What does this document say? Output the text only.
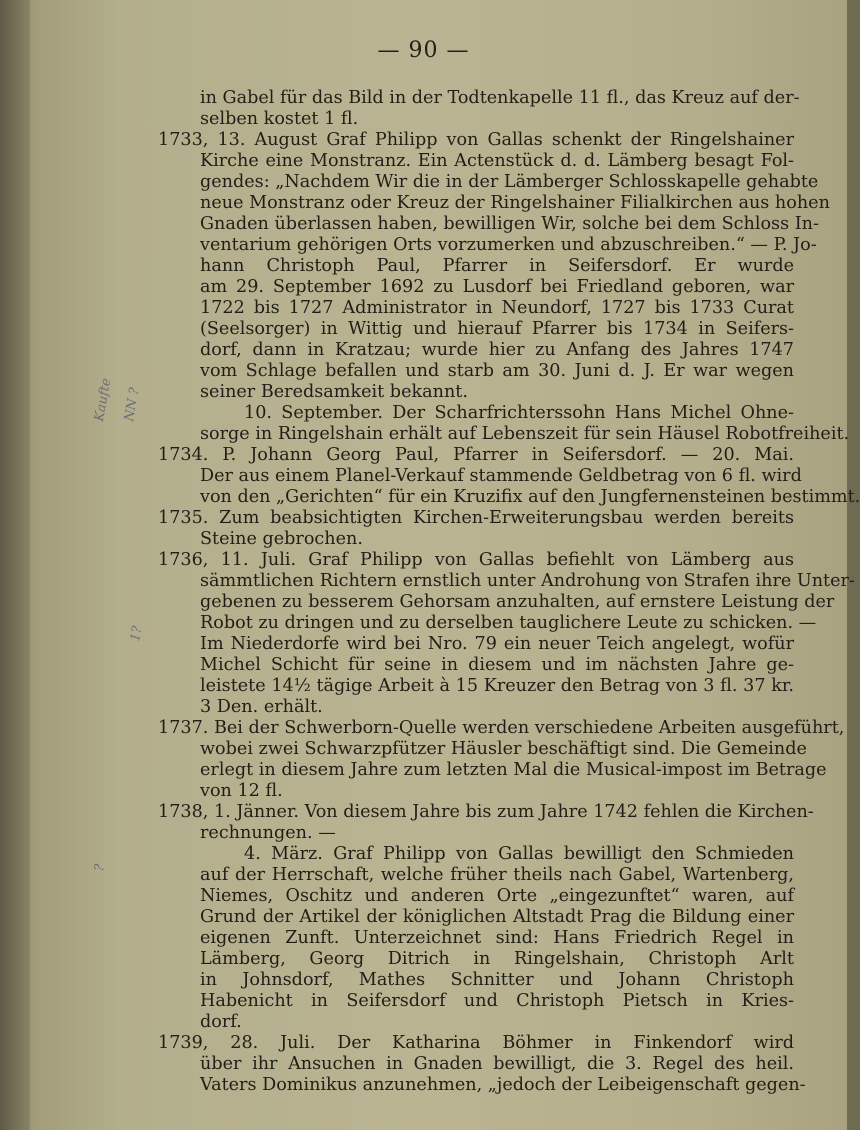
Kaufte NN ?
1?
?
— 90 —
in Gabel für das Bild in der Todtenkapelle 11 fl., das Kreuz auf der-
selben kostet 1 fl.
1733, 13. August Graf Philipp von Gallas schenkt der Ringelshainer
Kirche eine Monstranz. Ein Actenstück d. d. Lämberg besagt Fol-
gendes: „Nachdem Wir die in der Lämberger Schlosskapelle gehabte
neue Monstranz oder Kreuz der Ringelshainer Filialkirchen aus hohen
Gnaden überlassen haben, bewilligen Wir, solche bei dem Schloss In-
ventarium gehörigen Orts vorzumerken und abzuschreiben.“ — P. Jo-
hann Christoph Paul, Pfarrer in Seifersdorf. Er wurde
am 29. September 1692 zu Lusdorf bei Friedland geboren, war
1722 bis 1727 Administrator in Neundorf, 1727 bis 1733 Curat
(Seelsorger) in Wittig und hierauf Pfarrer bis 1734 in Seifers-
dorf, dann in Kratzau; wurde hier zu Anfang des Jahres 1747
vom Schlage befallen und starb am 30. Juni d. J. Er war wegen
seiner Beredsamkeit bekannt.
10. September. Der Scharfrichterssohn Hans Michel Ohne-
sorge in Ringelshain erhält auf Lebenszeit für sein Häusel Robotfreiheit.
1734. P. Johann Georg Paul, Pfarrer in Seifersdorf. — 20. Mai.
Der aus einem Planel-Verkauf stammende Geldbetrag von 6 fl. wird
von den „Gerichten“ für ein Kruzifix auf den Jungfernensteinen bestimmt.
1735. Zum beabsichtigten Kirchen-Erweiterungsbau werden bereits
Steine gebrochen.
1736, 11. Juli. Graf Philipp von Gallas befiehlt von Lämberg aus
sämmtlichen Richtern ernstlich unter Androhung von Strafen ihre Unter-
gebenen zu besserem Gehorsam anzuhalten, auf ernstere Leistung der
Robot zu dringen und zu derselben tauglichere Leute zu schicken. —
Im Niederdorfe wird bei Nro. 79 ein neuer Teich angelegt, wofür
Michel Schicht für seine in diesem und im nächsten Jahre ge-
leistete 14½ tägige Arbeit à 15 Kreuzer den Betrag von 3 fl. 37 kr.
3 Den. erhält.
1737. Bei der Schwerborn-Quelle werden verschiedene Arbeiten ausgeführt,
wobei zwei Schwarzpfützer Häusler beschäftigt sind. Die Gemeinde
erlegt in diesem Jahre zum letzten Mal die Musical-impost im Betrage
von 12 fl.
1738, 1. Jänner. Von diesem Jahre bis zum Jahre 1742 fehlen die Kirchen-
rechnungen. —
4. März. Graf Philipp von Gallas bewilligt den Schmieden
auf der Herrschaft, welche früher theils nach Gabel, Wartenberg,
Niemes, Oschitz und anderen Orte „eingezunftet“ waren, auf
Grund der Artikel der königlichen Altstadt Prag die Bildung einer
eigenen Zunft. Unterzeichnet sind: Hans Friedrich Regel in
Lämberg, Georg Ditrich in Ringelshain, Christoph Arlt
in Johnsdorf, Mathes Schnitter und Johann Christoph
Habenicht in Seifersdorf und Christoph Pietsch in Kries-
dorf.
1739, 28. Juli. Der Katharina Böhmer in Finkendorf wird
über ihr Ansuchen in Gnaden bewilligt, die 3. Regel des heil.
Vaters Dominikus anzunehmen, „jedoch der Leibeigenschaft gegen-
